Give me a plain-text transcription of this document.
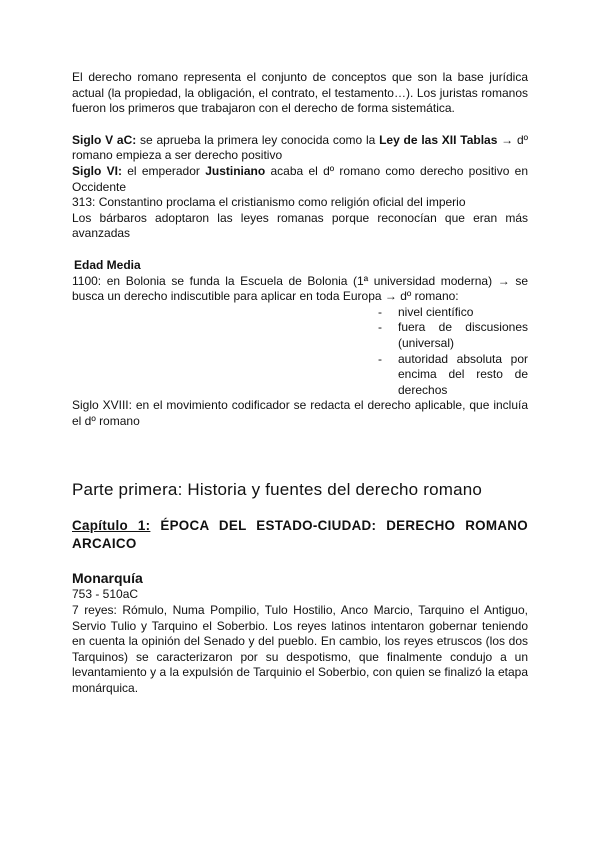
El derecho romano representa el conjunto de conceptos que son la base jurídica actual (la propiedad, la obligación, el contrato, el testamento…). Los juristas romanos fueron los primeros que trabajaron con el derecho de forma sistemática.

Siglo V aC: se aprueba la primera ley conocida como la Ley de las XII Tablas → dº romano empieza a ser derecho positivo

Siglo VI: el emperador Justiniano acaba el dº romano como derecho positivo en Occidente

313: Constantino proclama el cristianismo como religión oficial del imperio

Los bárbaros adoptaron las leyes romanas porque reconocían que eran más avanzadas

Edad Media

1100: en Bolonia se funda la Escuela de Bolonia (1ª universidad moderna) → se busca un derecho indiscutible para aplicar en toda Europa → dº romano:

- nivel científico
- fuera de discusiones (universal)
- autoridad absoluta por encima del resto de derechos

Siglo XVIII: en el movimiento codificador se redacta el derecho aplicable, que incluía el dº romano

Parte primera: Historia y fuentes del derecho romano
Capítulo 1: ÉPOCA DEL ESTADO-CIUDAD: DERECHO ROMANO ARCAICO
Monarquía

753 - 510aC

7 reyes: Rómulo, Numa Pompilio, Tulo Hostilio, Anco Marcio, Tarquino el Antiguo, Servio Tulio y Tarquino el Soberbio. Los reyes latinos intentaron gobernar teniendo en cuenta la opinión del Senado y del pueblo. En cambio, los reyes etruscos (los dos Tarquinos) se caracterizaron por su despotismo, que finalmente condujo a un levantamiento y a la expulsión de Tarquinio el Soberbio, con quien se finalizó la etapa monárquica.
